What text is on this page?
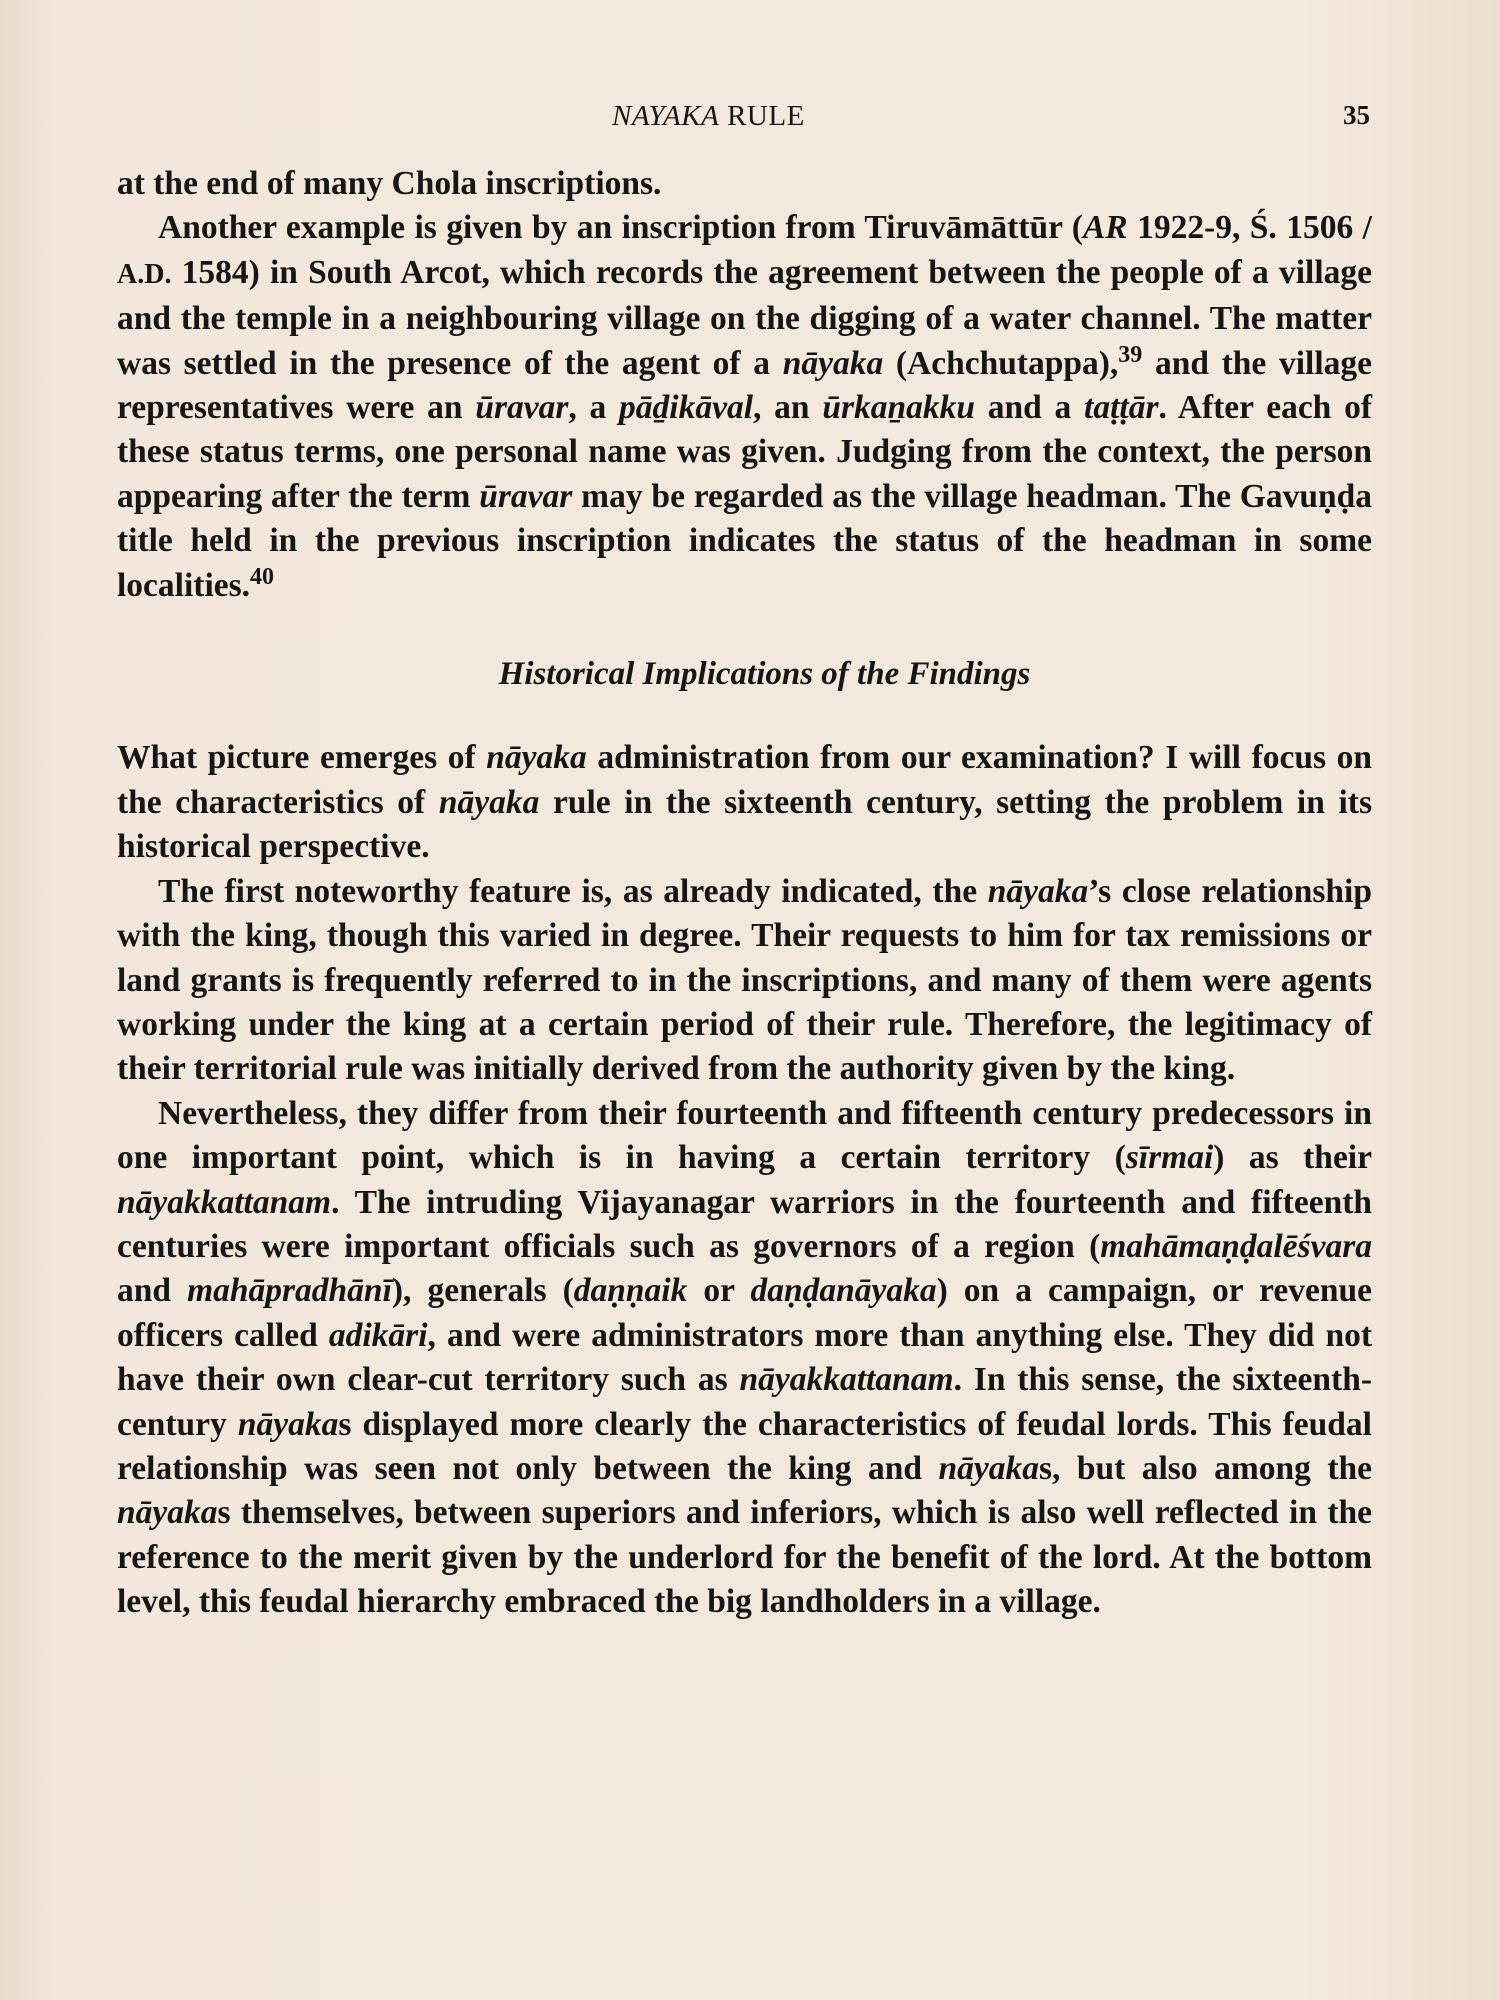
NAYAKA RULE	35

at the end of many Chola inscriptions.

Another example is given by an inscription from Tiruvāmāttūr (AR 1922-9, Ś. 1506 / A.D. 1584) in South Arcot, which records the agreement between the people of a village and the temple in a neighbouring village on the digging of a water channel. The matter was settled in the presence of the agent of a nāyaka (Achchutappa),$^{39}$ and the village representatives were an ūravar, a pāḏikāval, an ūrkaṉakku and a taṭṭār. After each of these status terms, one personal name was given. Judging from the context, the person appearing after the term ūravar may be regarded as the village headman. The Gavuṇḍa title held in the previous inscription indicates the status of the headman in some localities.$^{40}$

Historical Implications of the Findings

What picture emerges of nāyaka administration from our examination? I will focus on the characteristics of nāyaka rule in the sixteenth century, setting the problem in its historical perspective.

The first noteworthy feature is, as already indicated, the nāyaka’s close relationship with the king, though this varied in degree. Their requests to him for tax remissions or land grants is frequently referred to in the inscriptions, and many of them were agents working under the king at a certain period of their rule. Therefore, the legitimacy of their territorial rule was initially derived from the authority given by the king.

Nevertheless, they differ from their fourteenth and fifteenth century predecessors in one important point, which is in having a certain territory (sīrmai) as their nāyakkattanam. The intruding Vijayanagar warriors in the fourteenth and fifteenth centuries were important officials such as governors of a region (mahāmaṇḍalēśvara and mahāpradhānī), generals (daṇṇaik or daṇḍanāyaka) on a campaign, or revenue officers called adikāri, and were administrators more than anything else. They did not have their own clear-cut territory such as nāyakkattanam. In this sense, the sixteenth-century nāyakas displayed more clearly the characteristics of feudal lords. This feudal relationship was seen not only between the king and nāyakas, but also among the nāyakas themselves, between superiors and inferiors, which is also well reflected in the reference to the merit given by the underlord for the benefit of the lord. At the bottom level, this feudal hierarchy embraced the big landholders in a village.
